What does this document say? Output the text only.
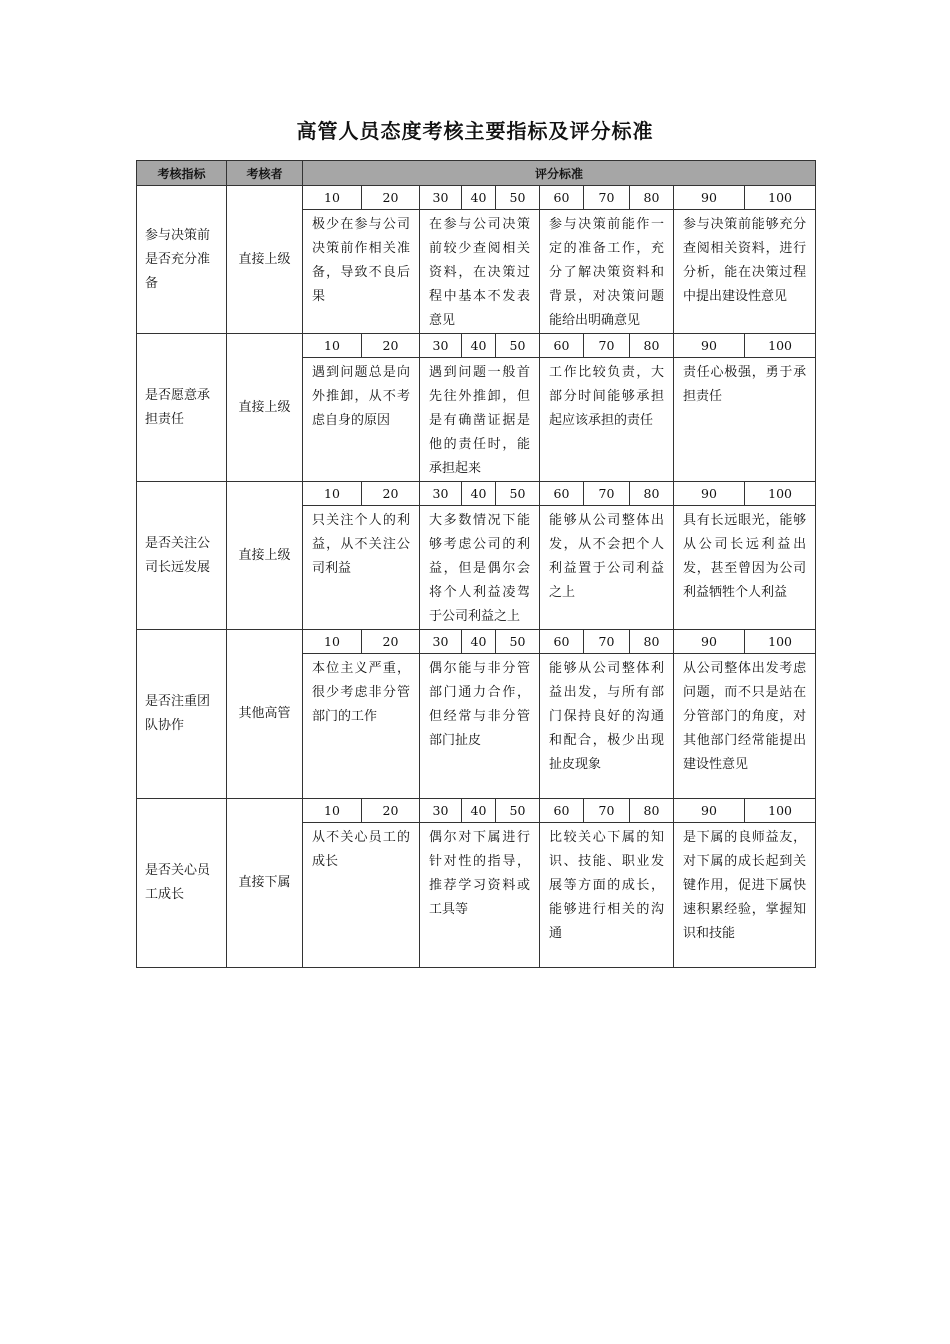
高管人员态度考核主要指标及评分标准
考核指标	考核者	评分标准									
参与决策前是否充分准备	直接上级	10	20	30	40	50	60	70	80	90	100
		极少在参与公司决策前作相关准备，导致不良后果		在参与公司决策前较少查阅相关资料，在决策过程中基本不发表意见			参与决策前能作一定的准备工作，充分了解决策资料和背景，对决策问题能给出明确意见			参与决策前能够充分查阅相关资料，进行分析，能在决策过程中提出建设性意见	
是否愿意承担责任	直接上级	10	20	30	40	50	60	70	80	90	100
		遇到问题总是向外推卸，从不考虑自身的原因		遇到问题一般首先往外推卸，但是有确凿证据是他的责任时，能承担起来			工作比较负责，大部分时间能够承担起应该承担的责任			责任心极强，勇于承担责任	
是否关注公司长远发展	直接上级	10	20	30	40	50	60	70	80	90	100
		只关注个人的利益，从不关注公司利益		大多数情况下能够考虑公司的利益，但是偶尔会将个人利益凌驾于公司利益之上			能够从公司整体出发，从不会把个人利益置于公司利益之上			具有长远眼光，能够从公司长远利益出发，甚至曾因为公司利益牺牲个人利益	
是否注重团队协作	其他高管	10	20	30	40	50	60	70	80	90	100
		本位主义严重，很少考虑非分管部门的工作		偶尔能与非分管部门通力合作，但经常与非分管部门扯皮			能够从公司整体利益出发，与所有部门保持良好的沟通和配合，极少出现扯皮现象			从公司整体出发考虑问题，而不只是站在分管部门的角度，对其他部门经常能提出建设性意见	
是否关心员工成长	直接下属	10	20	30	40	50	60	70	80	90	100
		从不关心员工的成长		偶尔对下属进行针对性的指导，推荐学习资料或工具等			比较关心下属的知识、技能、职业发展等方面的成长，能够进行相关的沟通			是下属的良师益友，对下属的成长起到关键作用，促进下属快速积累经验，掌握知识和技能	
